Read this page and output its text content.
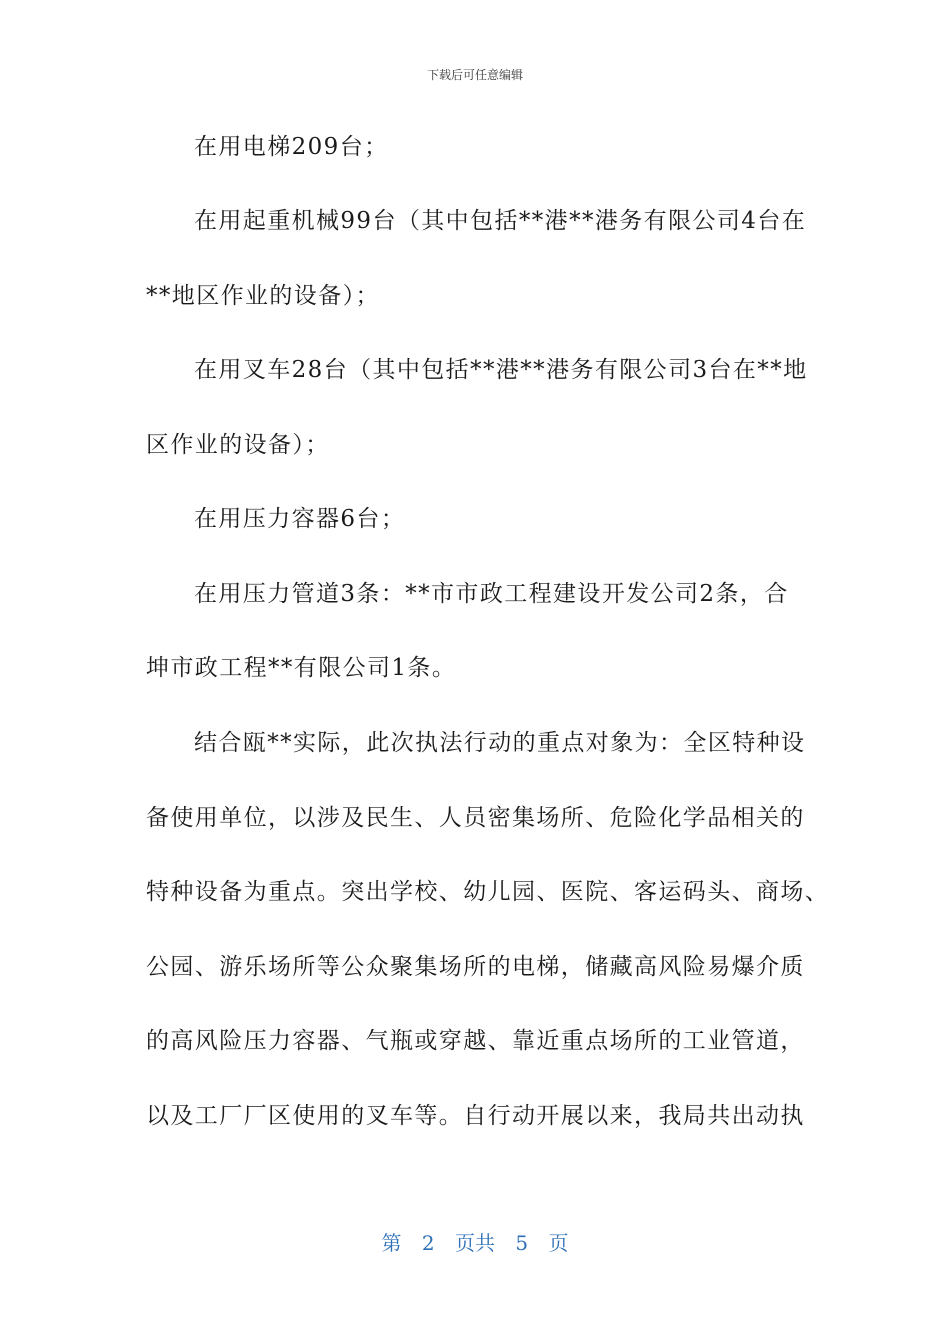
下载后可任意编辑
在用电梯209台；
在用起重机械99台（其中包括**港**港务有限公司4台在
**地区作业的设备）；
在用叉车28台（其中包括**港**港务有限公司3台在**地
区作业的设备）；
在用压力容器6台；
在用压力管道3条：**市市政工程建设开发公司2条，合
坤市政工程**有限公司1条。
结合瓯**实际，此次执法行动的重点对象为：全区特种设
备使用单位，以涉及民生、人员密集场所、危险化学品相关的
特种设备为重点。突出学校、幼儿园、医院、客运码头、商场、
公园、游乐场所等公众聚集场所的电梯，储藏高风险易爆介质
的高风险压力容器、气瓶或穿越、靠近重点场所的工业管道，
以及工厂厂区使用的叉车等。自行动开展以来，我局共出动执
第 2 页共 5 页
